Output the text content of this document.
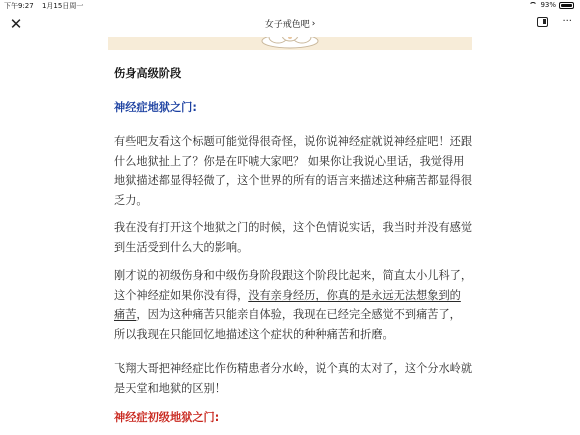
下午9:27 1月15日周一	93%
✕	女子戒色吧 ›	···
伤身高级阶段
神经症地狱之门:
有些吧友看这个标题可能觉得很奇怪，说你说神经症就说神经症吧！还跟什么地狱扯上了？你是在吓唬大家吧？ 如果你让我说心里话，我觉得用地狱描述都显得轻微了，这个世界的所有的语言来描述这种痛苦都显得很乏力。
我在没有打开这个地狱之门的时候，这个色情说实话，我当时并没有感觉到生活受到什么大的影响。
刚才说的初级伤身和中级伤身阶段跟这个阶段比起来，简直太小儿科了，这个神经症如果你没有得，没有亲身经历，你真的是永远无法想象到的痛苦，因为这种痛苦只能亲自体验，我现在已经完全感觉不到痛苦了，所以我现在只能回忆地描述这个症状的种种痛苦和折磨。
飞翔大哥把神经症比作伤精患者分水岭，说个真的太对了，这个分水岭就是天堂和地狱的区别！
神经症初级地狱之门:
